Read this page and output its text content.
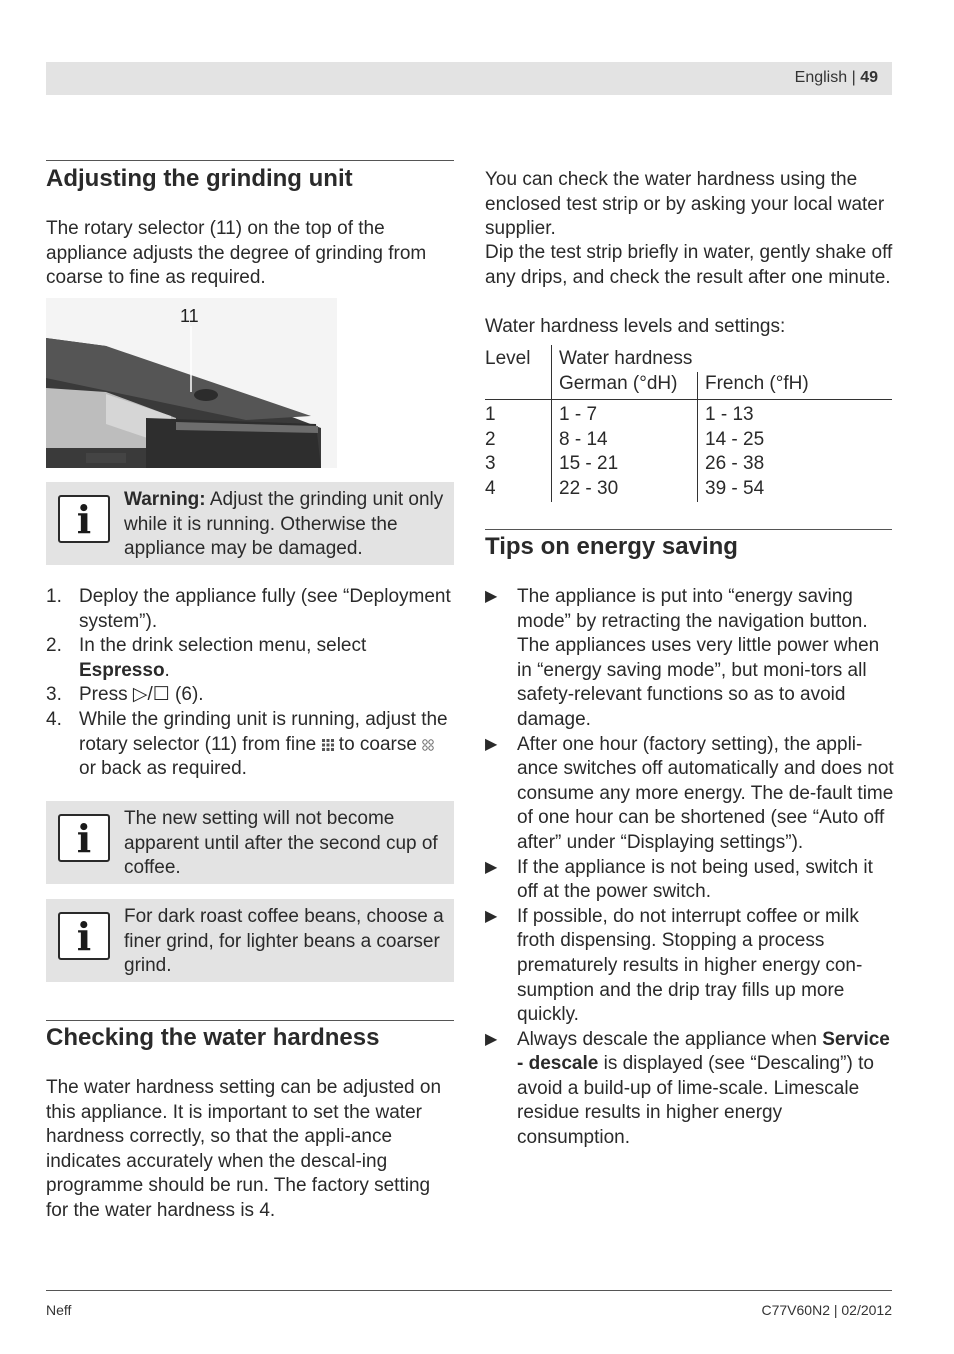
English | 49
Adjusting the grinding unit

The rotary selector (11) on the top of the appliance adjusts the degree of grinding from coarse to fine as required.

11
i	Warning: Adjust the grinding unit only while it is running. Otherwise the appliance may be damaged.
1. Deploy the appliance fully (see “Deployment system”).
2. In the drink selection menu, select Espresso.
3. Press ▷/☐ (6).
4. While the grinding unit is running, adjust the rotary selector (11) from fine  to coarse  or back as required.
i	The new setting will not become apparent until after the second cup of coffee.
i	For dark roast coffee beans, choose a finer grind, for lighter beans a coarser grind.
Checking the water hardness

The water hardness setting can be adjusted on this appliance. It is important to set the water hardness correctly, so that the appli-ance indicates accurately when the descal-ing programme should be run. The factory setting for the water hardness is 4.

You can check the water hardness using the enclosed test strip or by asking your local water supplier.

Dip the test strip briefly in water, gently shake off any drips, and check the result after one minute.

Water hardness levels and settings:

Level	Water hardness	
	German (°dH)	French (°fH)
1	1 - 7	1 - 13
2	8 - 14	14 - 25
3	15 - 21	26 - 38
4	22 - 30	39 - 54
Tips on energy saving
▶ The appliance is put into “energy saving mode” by retracting the navigation button. The appliances uses very little power when in “energy saving mode”, but moni-tors all safety-relevant functions so as to avoid damage.
▶ After one hour (factory setting), the appli-ance switches off automatically and does not consume any more energy. The de-fault time of one hour can be shortened (see “Auto off after” under “Displaying settings”).
▶ If the appliance is not being used, switch it off at the power switch.
▶ If possible, do not interrupt coffee or milk froth dispensing. Stopping a process prematurely results in higher energy con-sumption and the drip tray fills up more quickly.
▶ Always descale the appliance when Service - descale is displayed (see “Descaling”) to avoid a build-up of lime-scale. Limescale residue results in higher energy consumption.
Neff	C77V60N2 | 02/2012
